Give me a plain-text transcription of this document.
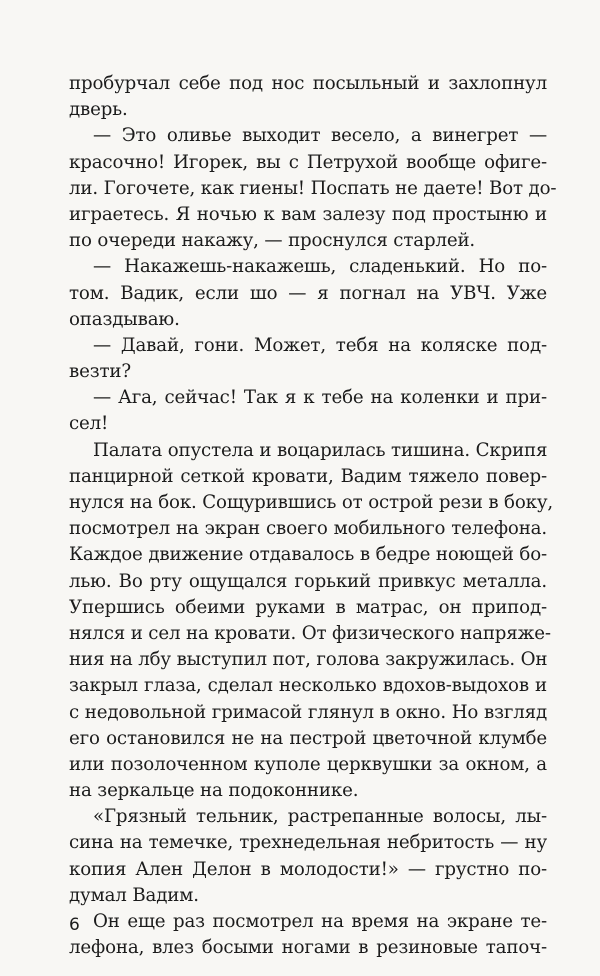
пробурчал себе под нос посыльный и захлопнул
дверь.
— Это оливье выходит весело, а винегрет —
красочно! Игорек, вы с Петрухой вообще офиге-
ли. Гогочете, как гиены! Поспать не даете! Вот до-
играетесь. Я ночью к вам залезу под простыню и
по очереди накажу, — проснулся старлей.
— Накажешь-накажешь, сладенький. Но по-
том. Вадик, если шо — я погнал на УВЧ. Уже
опаздываю.
— Давай, гони. Может, тебя на коляске под-
везти?
— Ага, сейчас! Так я к тебе на коленки и при-
сел!
Палата опустела и воцарилась тишина. Скрипя
панцирной сеткой кровати, Вадим тяжело повер-
нулся на бок. Сощурившись от острой рези в боку,
посмотрел на экран своего мобильного телефона.
Каждое движение отдавалось в бедре ноющей бо-
лью. Во рту ощущался горький привкус металла.
Упершись обеими руками в матрас, он припод-
нялся и сел на кровати. От физического напряже-
ния на лбу выступил пот, голова закружилась. Он
закрыл глаза, сделал несколько вдохов-выдохов и
с недовольной гримасой глянул в окно. Но взгляд
его остановился не на пестрой цветочной клумбе
или позолоченном куполе церквушки за окном, а
на зеркальце на подоконнике.
«Грязный тельник, растрепанные волосы, лы-
сина на темечке, трехнедельная небритость — ну
копия Ален Делон в молодости!» — грустно по-
думал Вадим.
Он еще раз посмотрел на время на экране те-
лефона, влез босыми ногами в резиновые тапоч-
6
